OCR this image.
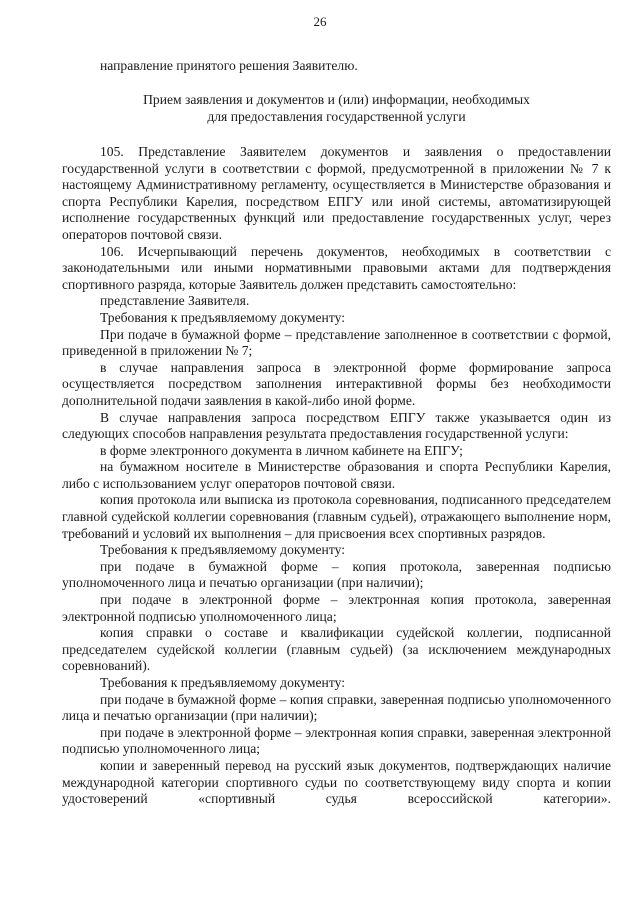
26
направление принятого решения Заявителю.
Прием заявления и документов и (или) информации, необходимых
для предоставления государственной услуги

105. Представление Заявителем документов и заявления о предоставлении государственной услуги в соответствии с формой, предусмотренной в приложении № 7 к настоящему Административному регламенту, осуществляется в Министерстве образования и спорта Республики Карелия, посредством ЕПГУ или иной системы, автоматизирующей исполнение государственных функций или предоставление государственных услуг, через операторов почтовой связи.

106. Исчерпывающий перечень документов, необходимых в соответствии с законодательными или иными нормативными правовыми актами для подтверждения спортивного разряда, которые Заявитель должен представить самостоятельно:

представление Заявителя.

Требования к предъявляемому документу:

При подаче в бумажной форме – представление заполненное в соответствии с формой, приведенной в приложении № 7;

в случае направления запроса в электронной форме формирование запроса осуществляется посредством заполнения интерактивной формы без необходимости дополнительной подачи заявления в какой-либо иной форме.

В случае направления запроса посредством ЕПГУ также указывается один из следующих способов направления результата предоставления государственной услуги:

в форме электронного документа в личном кабинете на ЕПГУ;

на бумажном носителе в Министерстве образования и спорта Республики Карелия, либо с использованием услуг операторов почтовой связи.

копия протокола или выписка из протокола соревнования, подписанного председателем главной судейской коллегии соревнования (главным судьей), отражающего выполнение норм, требований и условий их выполнения – для присвоения всех спортивных разрядов.

Требования к предъявляемому документу:

при подаче в бумажной форме – копия протокола, заверенная подписью уполномоченного лица и печатью организации (при наличии);

при подаче в электронной форме – электронная копия протокола, заверенная электронной подписью уполномоченного лица;

копия справки о составе и квалификации судейской коллегии, подписанной председателем судейской коллегии (главным судьей) (за исключением международных соревнований).

Требования к предъявляемому документу:

при подаче в бумажной форме – копия справки, заверенная подписью уполномоченного лица и печатью организации (при наличии);

при подаче в электронной форме – электронная копия справки, заверенная электронной подписью уполномоченного лица;

копии и заверенный перевод на русский язык документов, подтверждающих наличие международной категории спортивного судьи по соответствующему виду спорта и копии удостоверений «спортивный судья всероссийской категории».
